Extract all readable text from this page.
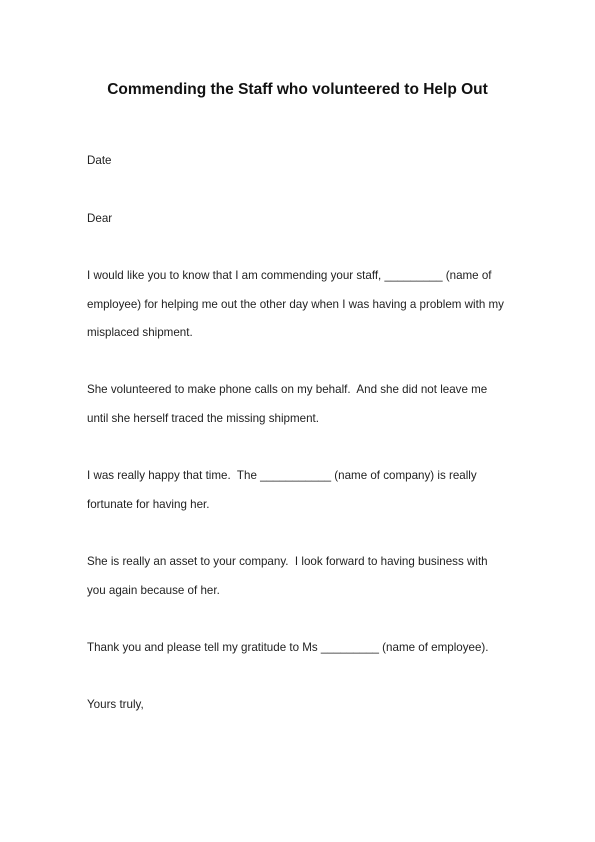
Commending the Staff who volunteered to Help Out
Date
Dear
I would like you to know that I am commending your staff, _________ (name of
employee) for helping me out the other day when I was having a problem with my
misplaced shipment.
She volunteered to make phone calls on my behalf.  And she did not leave me
until she herself traced the missing shipment.
I was really happy that time.  The ___________ (name of company) is really
fortunate for having her.
She is really an asset to your company.  I look forward to having business with
you again because of her.
Thank you and please tell my gratitude to Ms _________ (name of employee).
Yours truly,
